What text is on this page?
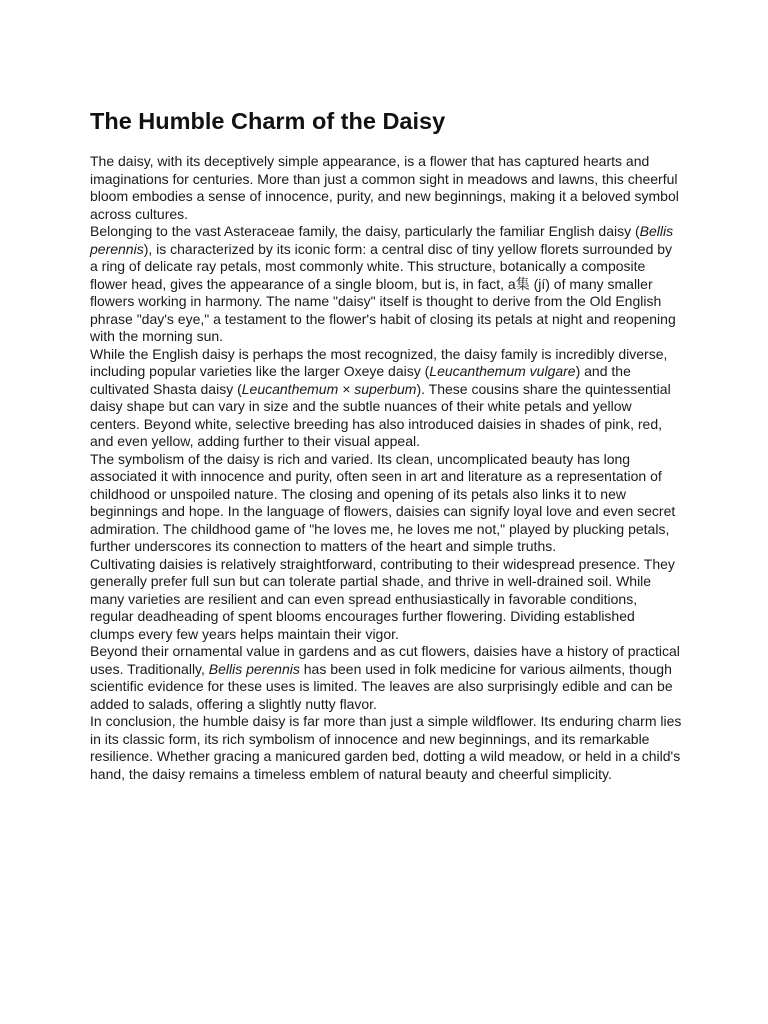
The Humble Charm of the Daisy

The daisy, with its deceptively simple appearance, is a flower that has captured hearts and imaginations for centuries. More than just a common sight in meadows and lawns, this cheerful bloom embodies a sense of innocence, purity, and new beginnings, making it a beloved symbol across cultures.

Belonging to the vast Asteraceae family, the daisy, particularly the familiar English daisy (Bellis perennis), is characterized by its iconic form: a central disc of tiny yellow florets surrounded by a ring of delicate ray petals, most commonly white. This structure, botanically a composite flower head, gives the appearance of a single bloom, but is, in fact, a集 (jí) of many smaller flowers working in harmony. The name "daisy" itself is thought to derive from the Old English phrase "day's eye," a testament to the flower's habit of closing its petals at night and reopening with the morning sun.

While the English daisy is perhaps the most recognized, the daisy family is incredibly diverse, including popular varieties like the larger Oxeye daisy (Leucanthemum vulgare) and the cultivated Shasta daisy (Leucanthemum × superbum). These cousins share the quintessential daisy shape but can vary in size and the subtle nuances of their white petals and yellow centers. Beyond white, selective breeding has also introduced daisies in shades of pink, red, and even yellow, adding further to their visual appeal.

The symbolism of the daisy is rich and varied. Its clean, uncomplicated beauty has long associated it with innocence and purity, often seen in art and literature as a representation of childhood or unspoiled nature. The closing and opening of its petals also links it to new beginnings and hope. In the language of flowers, daisies can signify loyal love and even secret admiration. The childhood game of "he loves me, he loves me not," played by plucking petals, further underscores its connection to matters of the heart and simple truths.

Cultivating daisies is relatively straightforward, contributing to their widespread presence. They generally prefer full sun but can tolerate partial shade, and thrive in well-drained soil. While many varieties are resilient and can even spread enthusiastically in favorable conditions, regular deadheading of spent blooms encourages further flowering. Dividing established clumps every few years helps maintain their vigor.

Beyond their ornamental value in gardens and as cut flowers, daisies have a history of practical uses. Traditionally, Bellis perennis has been used in folk medicine for various ailments, though scientific evidence for these uses is limited. The leaves are also surprisingly edible and can be added to salads, offering a slightly nutty flavor.

In conclusion, the humble daisy is far more than just a simple wildflower. Its enduring charm lies in its classic form, its rich symbolism of innocence and new beginnings, and its remarkable resilience. Whether gracing a manicured garden bed, dotting a wild meadow, or held in a child's hand, the daisy remains a timeless emblem of natural beauty and cheerful simplicity.
